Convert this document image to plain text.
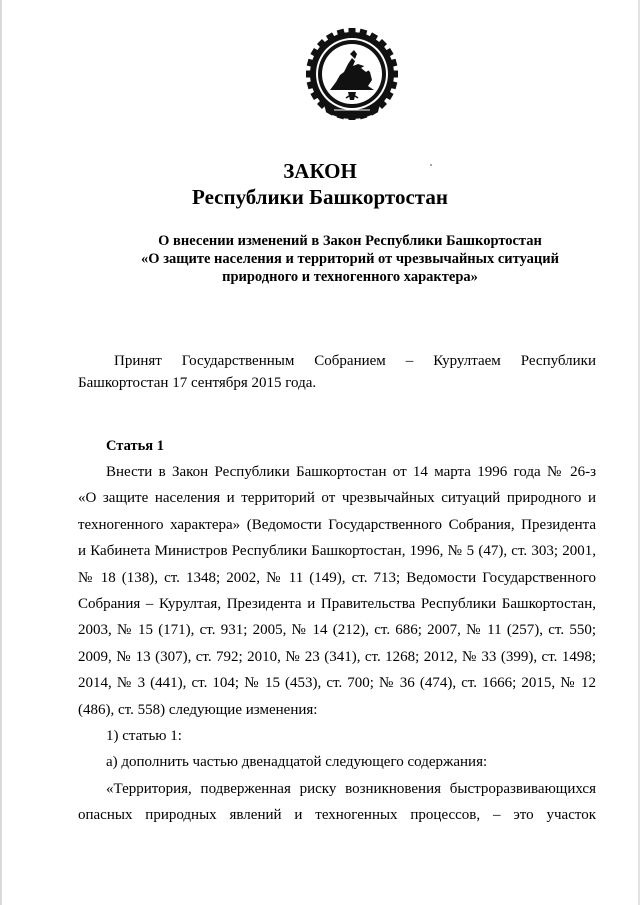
ЗАКОН
Республики Башкортостан
О внесении изменений в Закон Республики Башкортостан
«О защите населения и территорий от чрезвычайных ситуаций
природного и техногенного характера»
Принят Государственным Собранием – Курултаем Республики
Башкортостан 17 сентября 2015 года.
Статья 1
Внести в Закон Республики Башкортостан от 14 марта 1996 года № 26-з
«О защите населения и территорий от чрезвычайных ситуаций природного и
техногенного характера» (Ведомости Государственного Собрания, Президента
и Кабинета Министров Республики Башкортостан, 1996, № 5 (47), ст. 303; 2001,
№ 18 (138), ст. 1348; 2002, № 11 (149), ст. 713; Ведомости Государственного
Собрания – Курултая, Президента и Правительства Республики Башкортостан,
2003, № 15 (171), ст. 931; 2005, № 14 (212), ст. 686; 2007, № 11 (257), ст. 550;
2009, № 13 (307), ст. 792; 2010, № 23 (341), ст. 1268; 2012, № 33 (399), ст. 1498;
2014, № 3 (441), ст. 104; № 15 (453), ст. 700; № 36 (474), ст. 1666; 2015, № 12
(486), ст. 558) следующие изменения:
1) статью 1:
а) дополнить частью двенадцатой следующего содержания:
«Территория, подверженная риску возникновения быстроразвивающихся
опасных природных явлений и техногенных процессов, – это участок
